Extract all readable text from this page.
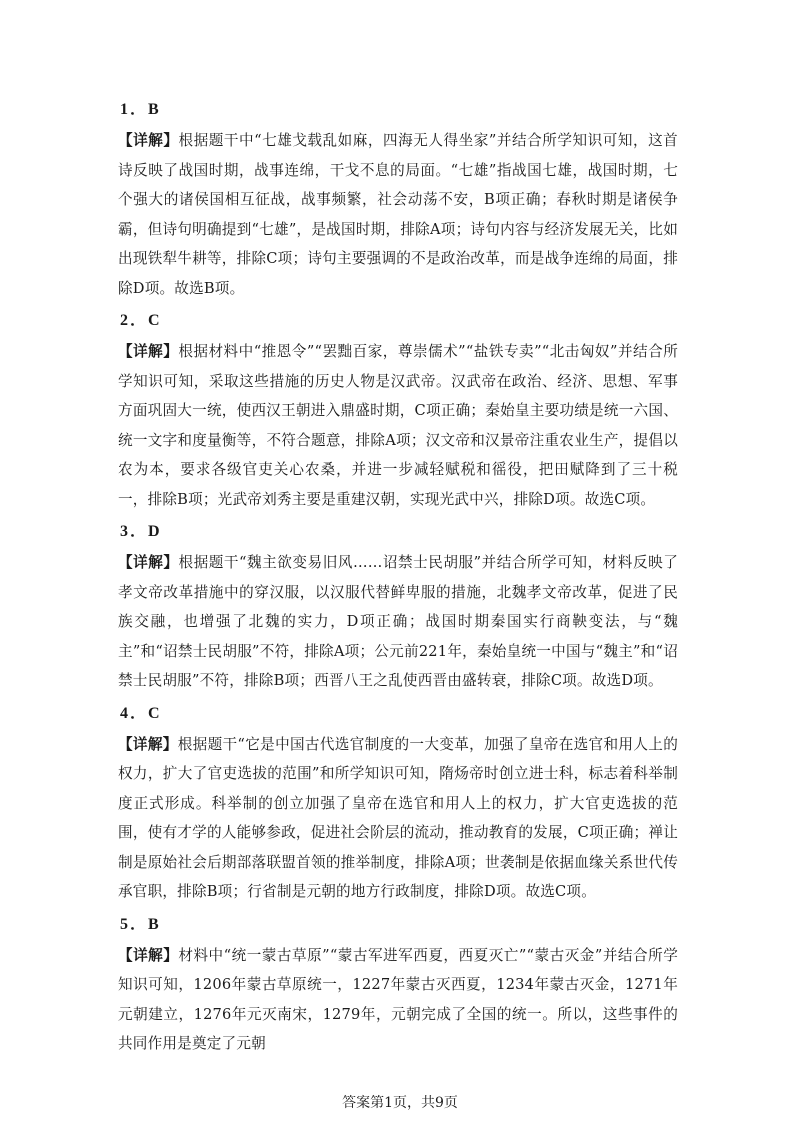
1．B

【详解】根据题干中“七雄戈载乱如麻，四海无人得坐家”并结合所学知识可知，这首诗反映了战国时期，战事连绵，干戈不息的局面。“七雄”指战国七雄，战国时期，七个强大的诸侯国相互征战，战事频繁，社会动荡不安，B项正确；春秋时期是诸侯争霸，但诗句明确提到“七雄”，是战国时期，排除A项；诗句内容与经济发展无关，比如出现铁犁牛耕等，排除C项；诗句主要强调的不是政治改革，而是战争连绵的局面，排除D项。故选B项。

2．C

【详解】根据材料中“推恩令”“罢黜百家，尊崇儒术”“盐铁专卖”“北击匈奴”并结合所学知识可知，采取这些措施的历史人物是汉武帝。汉武帝在政治、经济、思想、军事方面巩固大一统，使西汉王朝进入鼎盛时期，C项正确；秦始皇主要功绩是统一六国、统一文字和度量衡等，不符合题意，排除A项；汉文帝和汉景帝注重农业生产，提倡以农为本，要求各级官吏关心农桑，并进一步减轻赋税和徭役，把田赋降到了三十税一，排除B项；光武帝刘秀主要是重建汉朝，实现光武中兴，排除D项。故选C项。

3．D

【详解】根据题干“魏主欲变易旧风……诏禁士民胡服”并结合所学可知，材料反映了孝文帝改革措施中的穿汉服，以汉服代替鲜卑服的措施，北魏孝文帝改革，促进了民族交融，也增强了北魏的实力，D项正确；战国时期秦国实行商鞅变法，与“魏主”和“诏禁士民胡服”不符，排除A项；公元前221年，秦始皇统一中国与“魏主”和“诏禁士民胡服”不符，排除B项；西晋八王之乱使西晋由盛转衰，排除C项。故选D项。

4．C

【详解】根据题干“它是中国古代选官制度的一大变革，加强了皇帝在选官和用人上的权力，扩大了官吏选拔的范围”和所学知识可知，隋炀帝时创立进士科，标志着科举制度正式形成。科举制的创立加强了皇帝在选官和用人上的权力，扩大官吏选拔的范围，使有才学的人能够参政，促进社会阶层的流动，推动教育的发展，C项正确；禅让制是原始社会后期部落联盟首领的推举制度，排除A项；世袭制是依据血缘关系世代传承官职，排除B项；行省制是元朝的地方行政制度，排除D项。故选C项。

5．B

【详解】材料中“统一蒙古草原”“蒙古军进军西夏，西夏灭亡”“蒙古灭金”并结合所学知识可知，1206年蒙古草原统一，1227年蒙古灭西夏，1234年蒙古灭金，1271年元朝建立，1276年元灭南宋，1279年，元朝完成了全国的统一。所以，这些事件的共同作用是奠定了元朝

答案第1页，共9页
